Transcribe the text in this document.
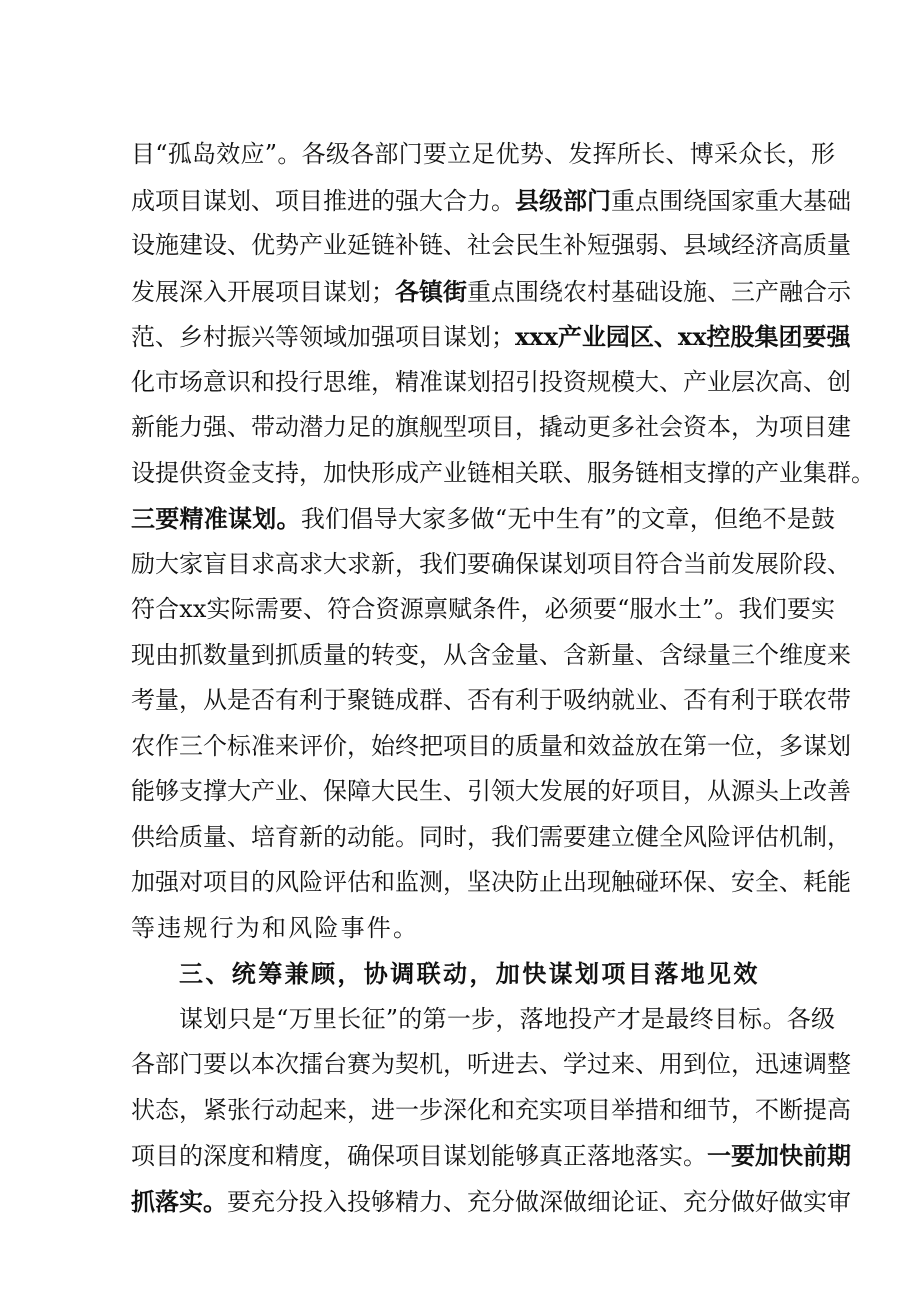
目“孤岛效应”。各级各部门要立足优势、发挥所长、博采众长，形
成项目谋划、项目推进的强大合力。县级部门重点围绕国家重大基础
设施建设、优势产业延链补链、社会民生补短强弱、县域经济高质量
发展深入开展项目谋划；各镇街重点围绕农村基础设施、三产融合示
范、乡村振兴等领域加强项目谋划；xxx产业园区、xx控股集团要强
化市场意识和投行思维，精准谋划招引投资规模大、产业层次高、创
新能力强、带动潜力足的旗舰型项目，撬动更多社会资本，为项目建
设提供资金支持，加快形成产业链相关联、服务链相支撑的产业集群。
三要精准谋划。我们倡导大家多做“无中生有”的文章，但绝不是鼓
励大家盲目求高求大求新，我们要确保谋划项目符合当前发展阶段、
符合xx实际需要、符合资源禀赋条件，必须要“服水土”。我们要实
现由抓数量到抓质量的转变，从含金量、含新量、含绿量三个维度来
考量，从是否有利于聚链成群、否有利于吸纳就业、否有利于联农带
农作三个标准来评价，始终把项目的质量和效益放在第一位，多谋划
能够支撑大产业、保障大民生、引领大发展的好项目，从源头上改善
供给质量、培育新的动能。同时，我们需要建立健全风险评估机制，
加强对项目的风险评估和监测，坚决防止出现触碰环保、安全、耗能
等违规行为和风险事件。
三、统筹兼顾，协调联动，加快谋划项目落地见效
谋划只是“万里长征”的第一步，落地投产才是最终目标。各级
各部门要以本次擂台赛为契机，听进去、学过来、用到位，迅速调整
状态，紧张行动起来，进一步深化和充实项目举措和细节，不断提高
项目的深度和精度，确保项目谋划能够真正落地落实。一要加快前期
抓落实。要充分投入投够精力、充分做深做细论证、充分做好做实审
